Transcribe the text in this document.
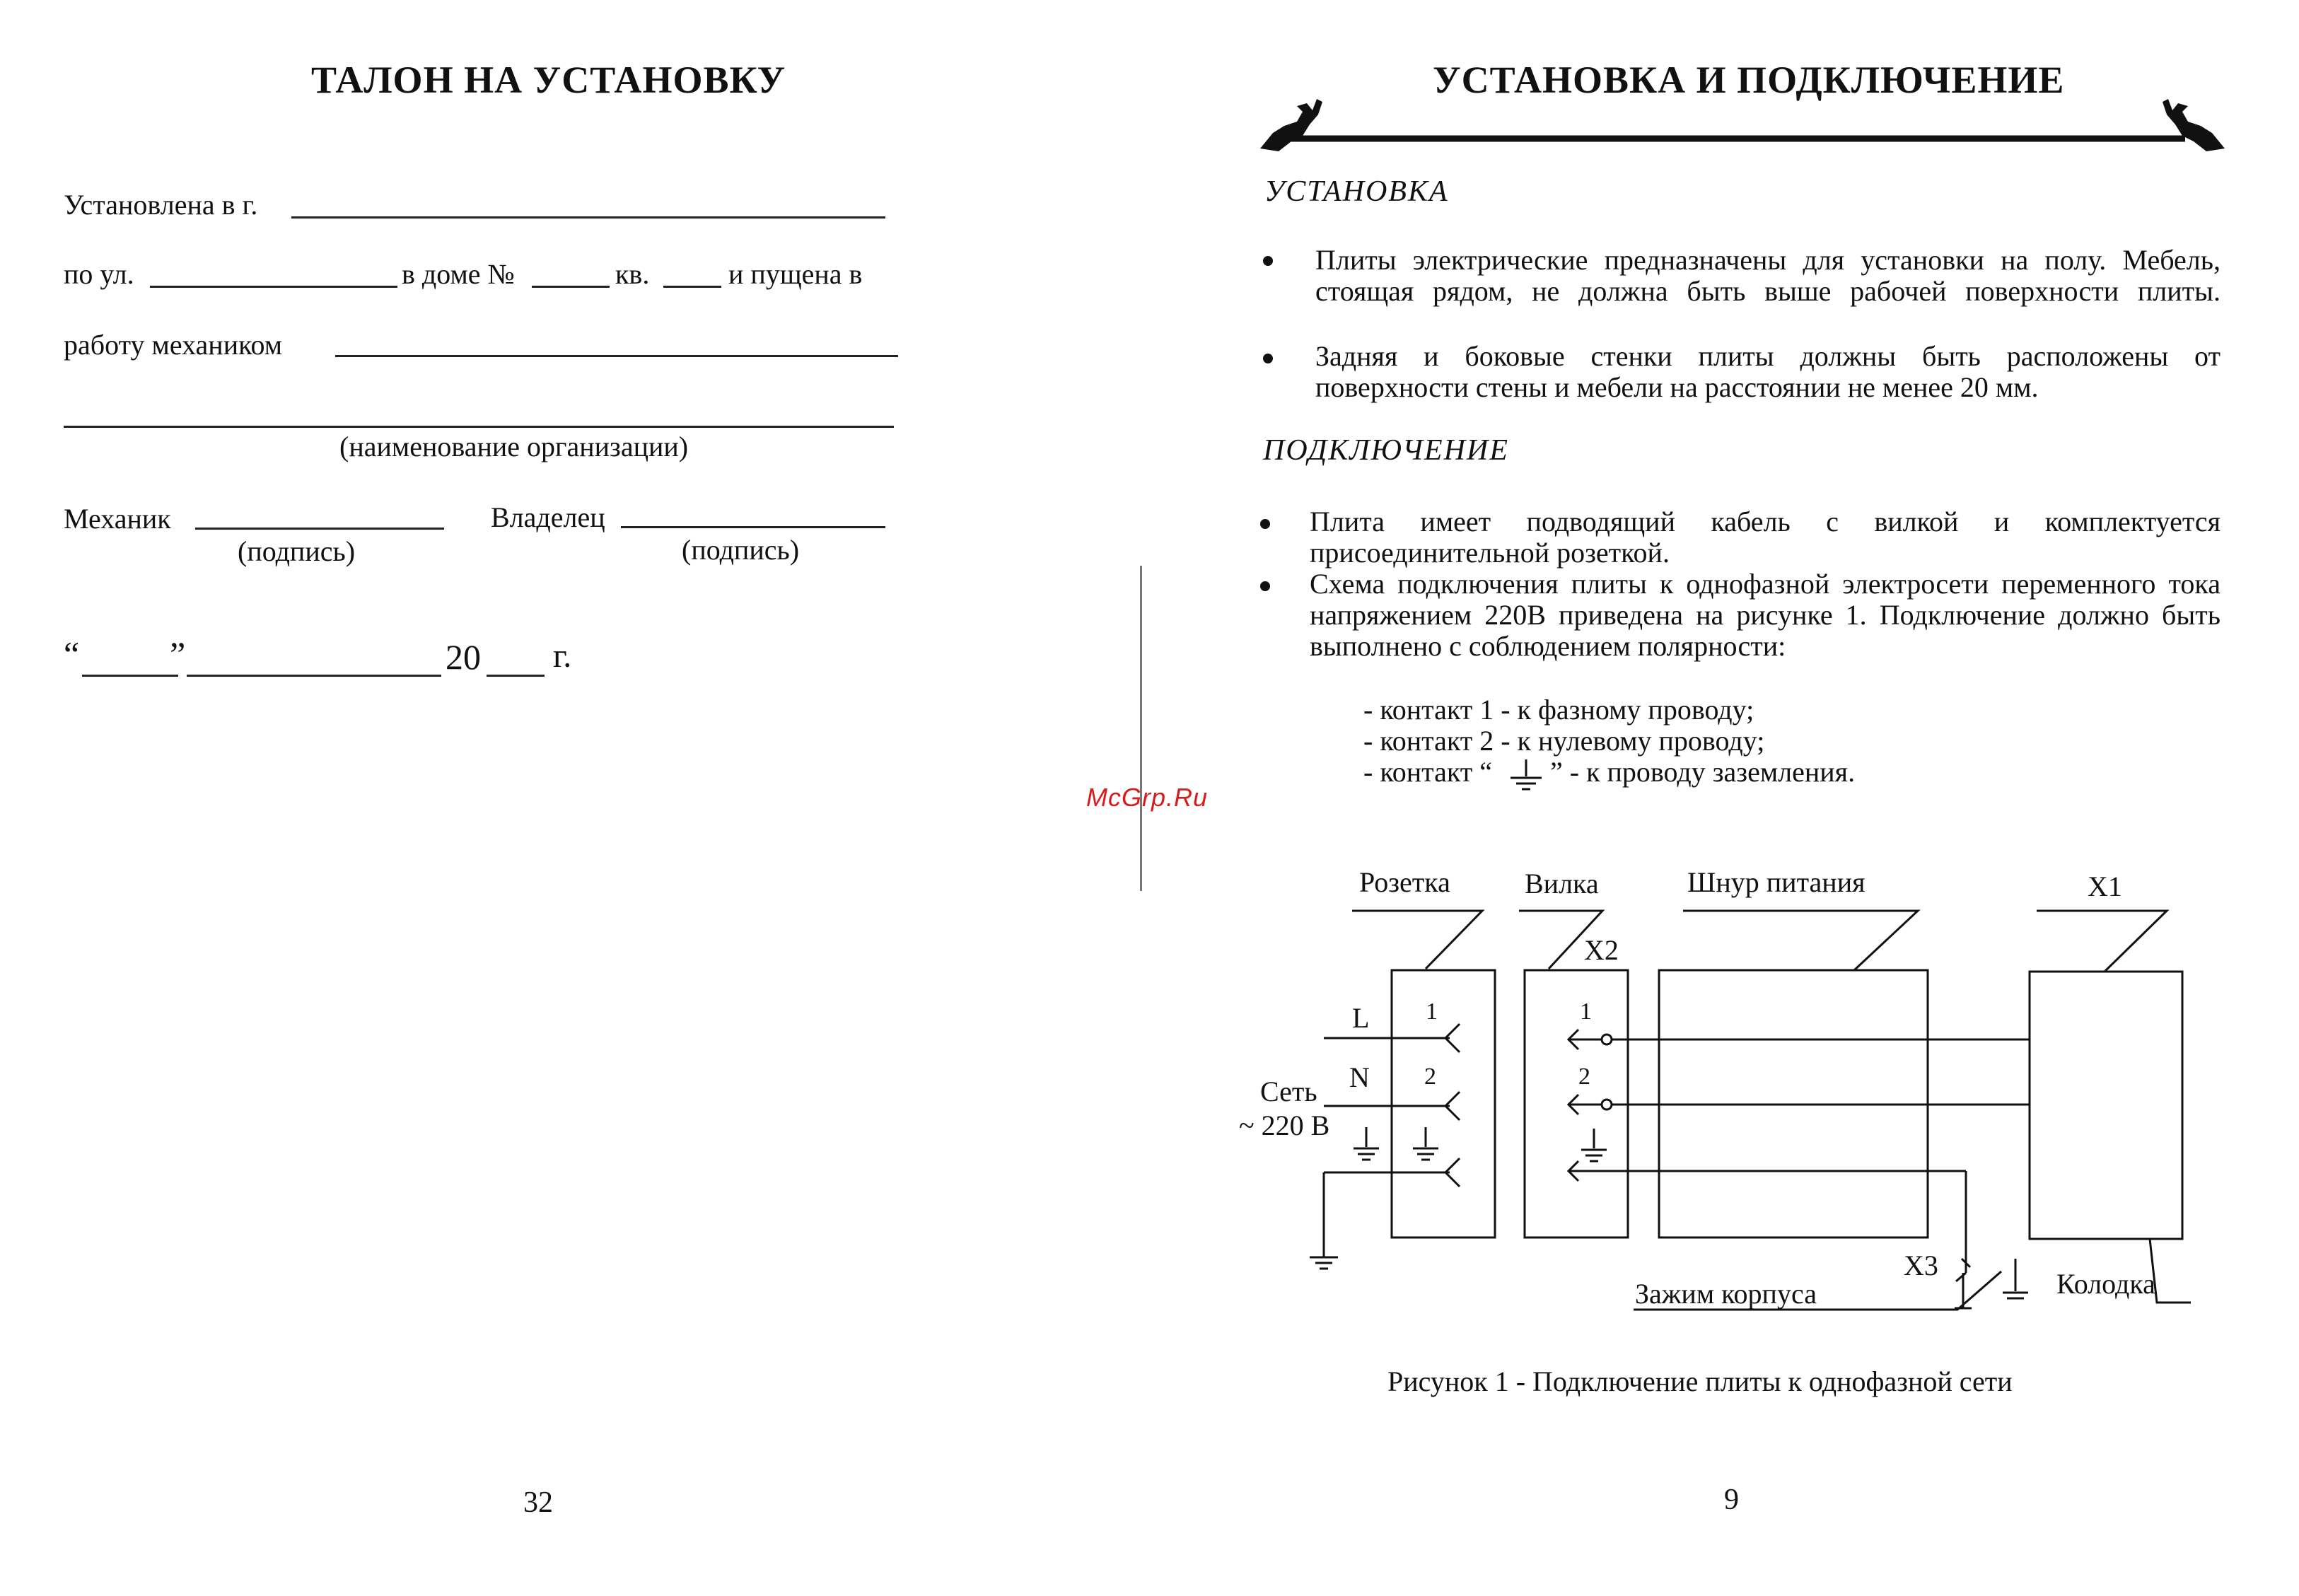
ТАЛОН НА УСТАНОВКУ
Установлена в г.
по ул.	в доме №	кв.	и пущена в
работу механиком
(наименование организации)
Механик	Владелец
(подпись)	(подпись)
“	”	20 г.
32
УСТАНОВКА И ПОДКЛЮЧЕНИЕ
УСТАНОВКА
Плиты электрические предназначены для установки на полу. Мебель, стоящая рядом, не должна быть выше рабочей поверхности плиты.
Задняя и боковые стенки плиты должны быть расположены от поверхности стены и мебели на расстоянии не менее 20 мм.
ПОДКЛЮЧЕНИЕ
Плита имеет подводящий кабель с вилкой и комплектуется присоединительной розеткой.
Схема подключения плиты к однофазной электросети переменного тока напряжением 220В приведена на рисунке 1. Подключение должно быть выполнено с соблюдением полярности:
- контакт 1 - к фазному проводу;
- контакт 2 - к нулевому проводу;
- контакт “ ” - к проводу заземления.
McGrp.Ru
Розетка	Вилка	Шнур питания	X1
X2
L
N
1
2
1
2
Сеть
~ 220 В
X3
Зажим корпуса	Колодка
Рисунок 1 - Подключение плиты к однофазной сети
9
